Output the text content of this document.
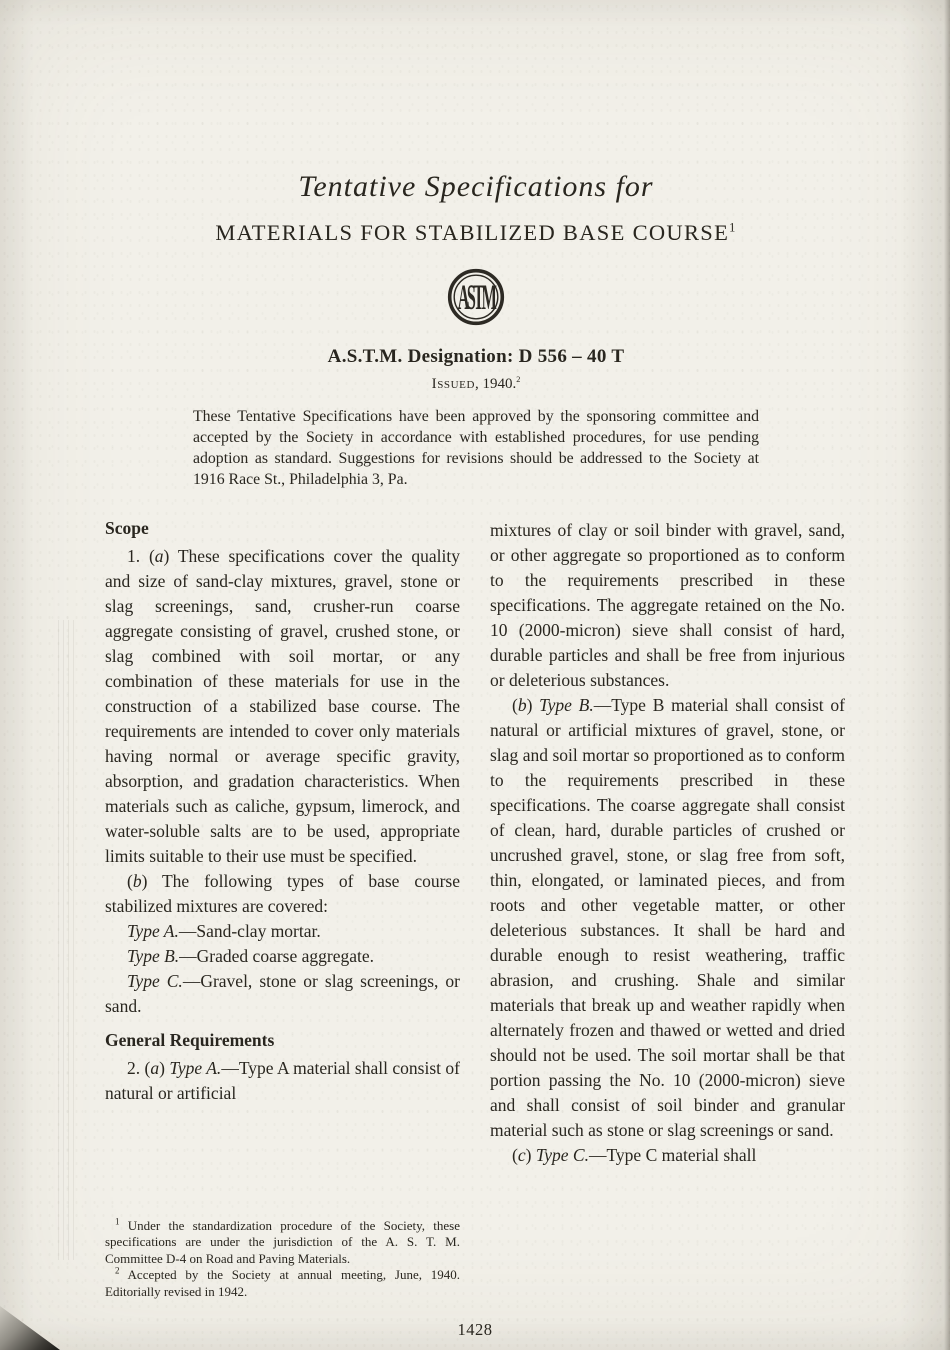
Tentative Specifications for
MATERIALS FOR STABILIZED BASE COURSE$^1$
ASTM
A.S.T.M. Designation: D 556 – 40 T
Issued, 1940.$^2$

These Tentative Specifications have been approved by the sponsoring committee and accepted by the Society in accordance with established procedures, for use pending adoption as standard. Suggestions for revisions should be addressed to the Society at 1916 Race St., Philadelphia 3, Pa.

Scope

1. (a) These specifications cover the quality and size of sand-clay mixtures, gravel, stone or slag screenings, sand, crusher-run coarse aggregate consisting of gravel, crushed stone, or slag combined with soil mortar, or any combination of these materials for use in the construction of a stabilized base course. The requirements are intended to cover only materials having normal or average specific gravity, absorption, and gradation characteristics. When materials such as caliche, gypsum, limerock, and water-soluble salts are to be used, appropriate limits suitable to their use must be specified.

(b) The following types of base course stabilized mixtures are covered:

Type A.—Sand-clay mortar.

Type B.—Graded coarse aggregate.

Type C.—Gravel, stone or slag screenings, or sand.

General Requirements

2. (a) Type A.—Type A material shall consist of natural or artificial

$^1$ Under the standardization procedure of the Society, these specifications are under the jurisdiction of the A. S. T. M. Committee D-4 on Road and Paving Materials.

$^2$ Accepted by the Society at annual meeting, June, 1940. Editorially revised in 1942.

mixtures of clay or soil binder with gravel, sand, or other aggregate so proportioned as to conform to the requirements prescribed in these specifications. The aggregate retained on the No. 10 (2000-micron) sieve shall consist of hard, durable particles and shall be free from injurious or deleterious substances.

(b) Type B.—Type B material shall consist of natural or artificial mixtures of gravel, stone, or slag and soil mortar so proportioned as to conform to the requirements prescribed in these specifications. The coarse aggregate shall consist of clean, hard, durable particles of crushed or uncrushed gravel, stone, or slag free from soft, thin, elongated, or laminated pieces, and from roots and other vegetable matter, or other deleterious substances. It shall be hard and durable enough to resist weathering, traffic abrasion, and crushing. Shale and similar materials that break up and weather rapidly when alternately frozen and thawed or wetted and dried should not be used. The soil mortar shall be that portion passing the No. 10 (2000-micron) sieve and shall consist of soil binder and granular material such as stone or slag screenings or sand.

(c) Type C.—Type C material shall

1428
